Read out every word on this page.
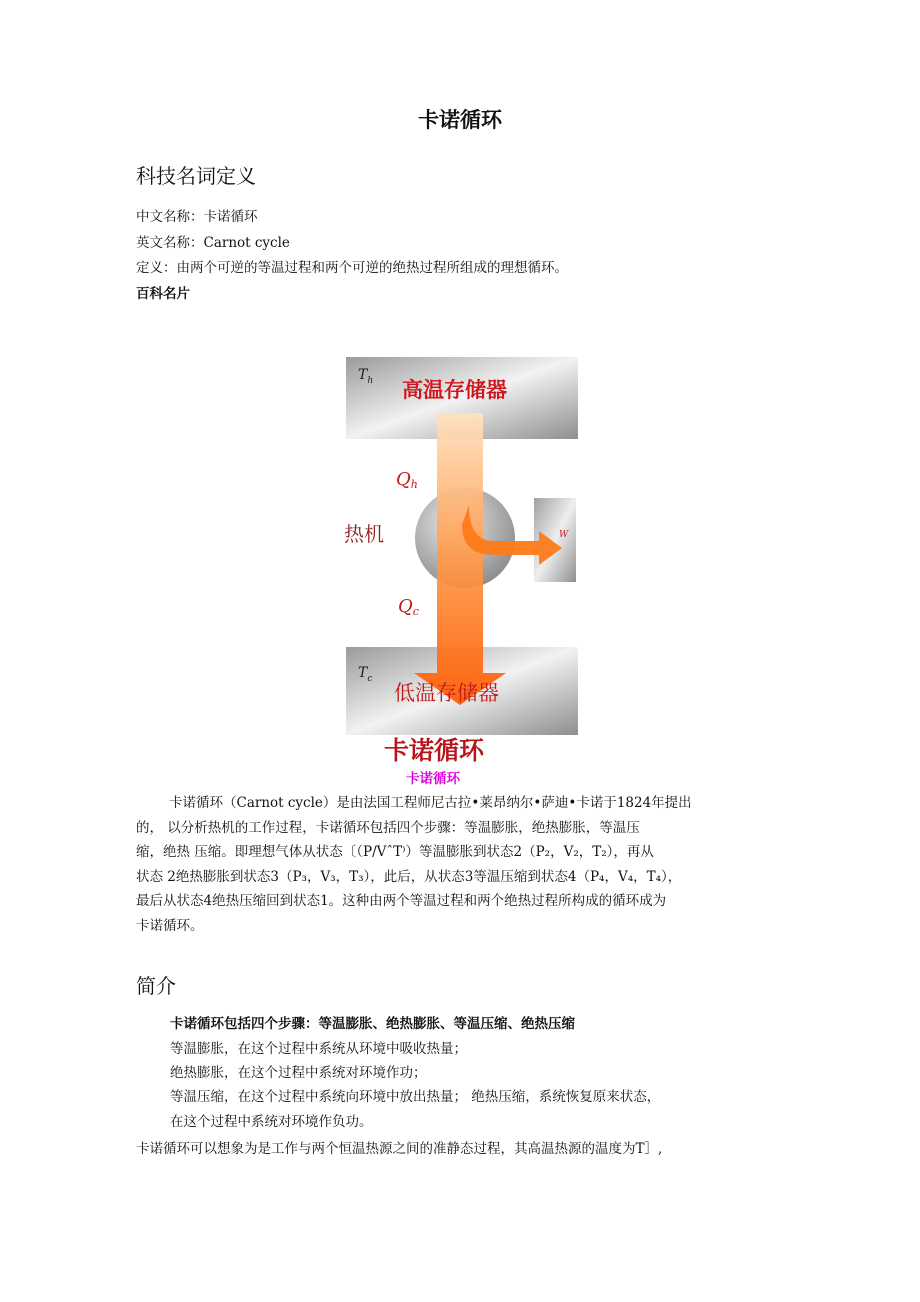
卡诺循环
科技名词定义
中文名称：卡诺循环
英文名称：Carnot cycle
定义：由两个可逆的等温过程和两个可逆的绝热过程所组成的理想循环。
百科名片
$T_h$ 高温存储器
Qh
热机	W
Qc
$T_c$
低温存储器
卡诺循环
卡诺循环
卡诺循环（Carnot cycle）是由法国工程师尼古拉•莱昂纳尔•萨迪•卡诺于1824年提出
的， 以分析热机的工作过程，卡诺循环包括四个步骤：等温膨胀，绝热膨胀，等温压
缩，绝热 压缩。即理想气体从状态〔（P/VˆT⁾）等温膨胀到状态2（P₂，V₂，T₂），再从
状态 2绝热膨胀到状态3（P₃，V₃，T₃），此后，从状态3等温压缩到状态4（P₄，V₄，T₄），
最后从状态4绝热压缩回到状态1。这种由两个等温过程和两个绝热过程所构成的循环成为
卡诺循环。
简介
卡诺循环包括四个步骤：等温膨胀、绝热膨胀、等温压缩、绝热压缩
等温膨胀，在这个过程中系统从环境中吸收热量；
绝热膨胀，在这个过程中系统对环境作功；
等温压缩，在这个过程中系统向环境中放出热量； 绝热压缩，系统恢复原来状态，
在这个过程中系统对环境作负功。
卡诺循环可以想象为是工作与两个恒温热源之间的准静态过程，其高温热源的温度为T］,
